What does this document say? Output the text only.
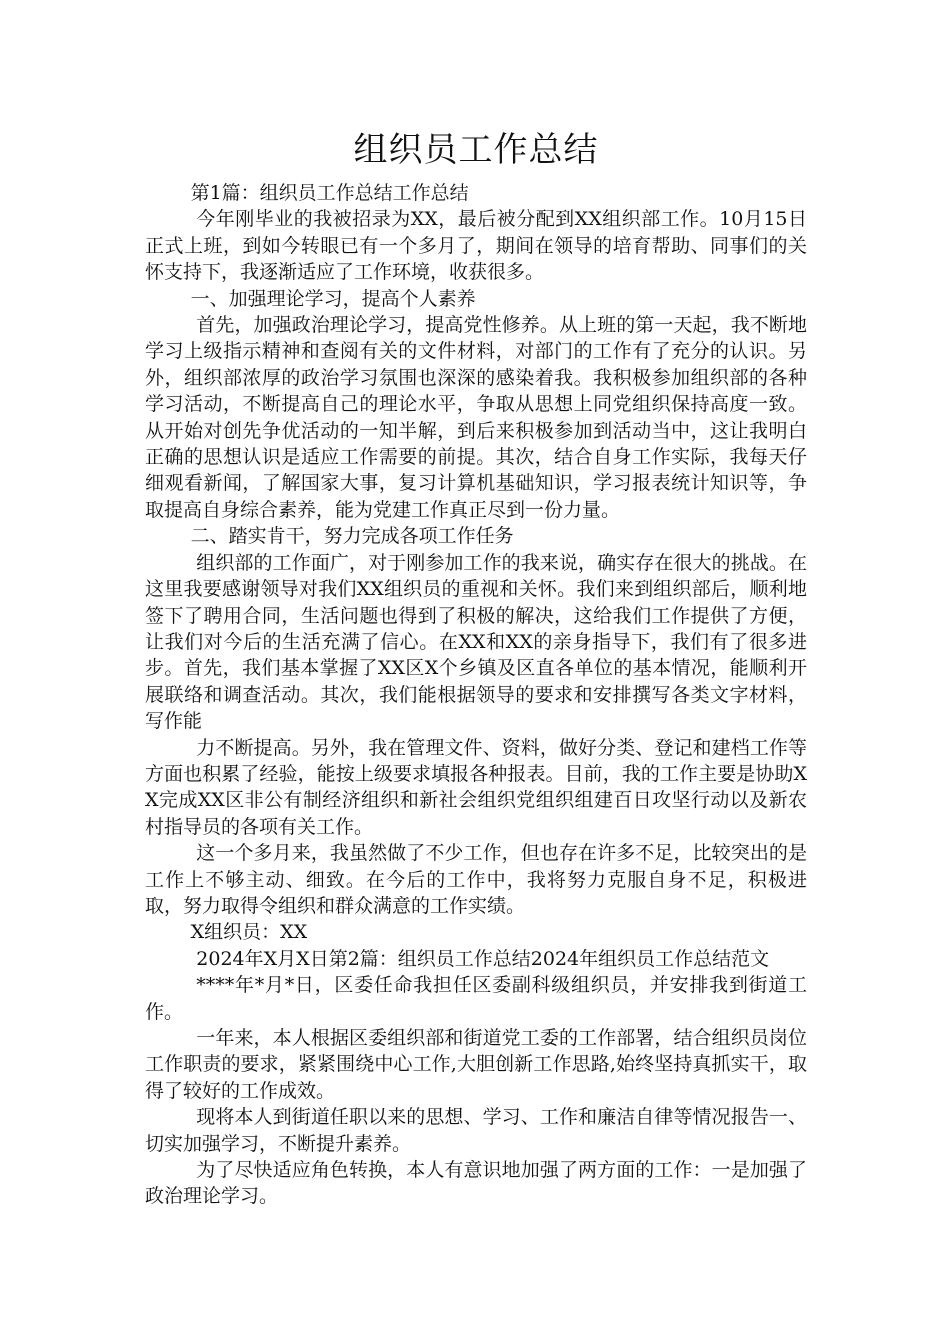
组织员工作总结

第1篇：组织员工作总结工作总结

今年刚毕业的我被招录为XX，最后被分配到XX组织部工作。10月15日正式上班，到如今转眼已有一个多月了，期间在领导的培育帮助、同事们的关怀支持下，我逐渐适应了工作环境，收获很多。

一、加强理论学习，提高个人素养

首先，加强政治理论学习，提高党性修养。从上班的第一天起，我不断地学习上级指示精神和查阅有关的文件材料，对部门的工作有了充分的认识。另外，组织部浓厚的政治学习氛围也深深的感染着我。我积极参加组织部的各种学习活动，不断提高自己的理论水平，争取从思想上同党组织保持高度一致。从开始对创先争优活动的一知半解，到后来积极参加到活动当中，这让我明白正确的思想认识是适应工作需要的前提。其次，结合自身工作实际，我每天仔细观看新闻，了解国家大事，复习计算机基础知识，学习报表统计知识等，争取提高自身综合素养，能为党建工作真正尽到一份力量。

二、踏实肯干，努力完成各项工作任务

组织部的工作面广，对于刚参加工作的我来说，确实存在很大的挑战。在这里我要感谢领导对我们XX组织员的重视和关怀。我们来到组织部后，顺利地签下了聘用合同，生活问题也得到了积极的解决，这给我们工作提供了方便，让我们对今后的生活充满了信心。在XX和XX的亲身指导下，我们有了很多进步。首先，我们基本掌握了XX区X个乡镇及区直各单位的基本情况，能顺利开展联络和调查活动。其次，我们能根据领导的要求和安排撰写各类文字材料，写作能

力不断提高。另外，我在管理文件、资料，做好分类、登记和建档工作等方面也积累了经验，能按上级要求填报各种报表。目前，我的工作主要是协助XX完成XX区非公有制经济组织和新社会组织党组织组建百日攻坚行动以及新农村指导员的各项有关工作。

这一个多月来，我虽然做了不少工作，但也存在许多不足，比较突出的是工作上不够主动、细致。在今后的工作中，我将努力克服自身不足，积极进取，努力取得令组织和群众满意的工作实绩。

X组织员：XX

2024年X月X日第2篇：组织员工作总结2024年组织员工作总结范文

****年*月*日，区委任命我担任区委副科级组织员，并安排我到街道工作。

一年来，本人根据区委组织部和街道党工委的工作部署，结合组织员岗位工作职责的要求，紧紧围绕中心工作,大胆创新工作思路,始终坚持真抓实干，取得了较好的工作成效。

现将本人到街道任职以来的思想、学习、工作和廉洁自律等情况报告一、切实加强学习，不断提升素养。

为了尽快适应角色转换，本人有意识地加强了两方面的工作：一是加强了政治理论学习。
